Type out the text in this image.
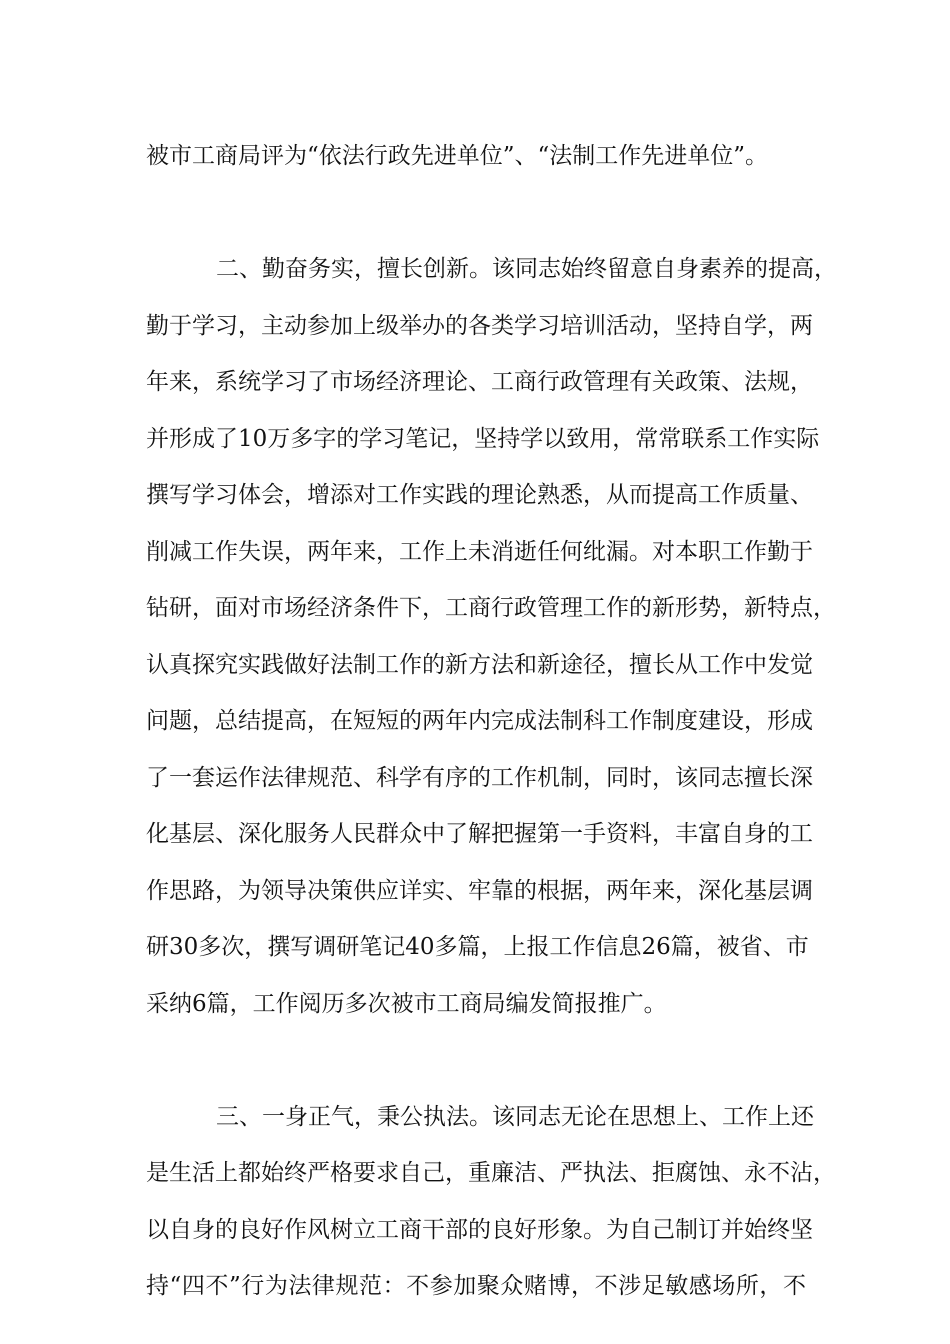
被市工商局评为“依法行政先进单位”、“法制工作先进单位”。

二、勤奋务实，擅长创新。该同志始终留意自身素养的提高，

勤于学习，主动参加上级举办的各类学习培训活动，坚持自学，两

年来，系统学习了市场经济理论、工商行政管理有关政策、法规，

并形成了10万多字的学习笔记，坚持学以致用，常常联系工作实际

撰写学习体会，增添对工作实践的理论熟悉，从而提高工作质量、

削减工作失误，两年来，工作上未消逝任何纰漏。对本职工作勤于

钻研，面对市场经济条件下，工商行政管理工作的新形势，新特点，

认真探究实践做好法制工作的新方法和新途径，擅长从工作中发觉

问题，总结提高，在短短的两年内完成法制科工作制度建设，形成

了一套运作法律规范、科学有序的工作机制，同时，该同志擅长深

化基层、深化服务人民群众中了解把握第一手资料，丰富自身的工

作思路，为领导决策供应详实、牢靠的根据，两年来，深化基层调

研30多次，撰写调研笔记40多篇，上报工作信息26篇，被省、市

采纳6篇，工作阅历多次被市工商局编发简报推广。

三、一身正气，秉公执法。该同志无论在思想上、工作上还

是生活上都始终严格要求自己，重廉洁、严执法、拒腐蚀、永不沾，

以自身的良好作风树立工商干部的良好形象。为自己制订并始终坚

持“四不”行为法律规范：不参加聚众赌博，不涉足敏感场所，不
